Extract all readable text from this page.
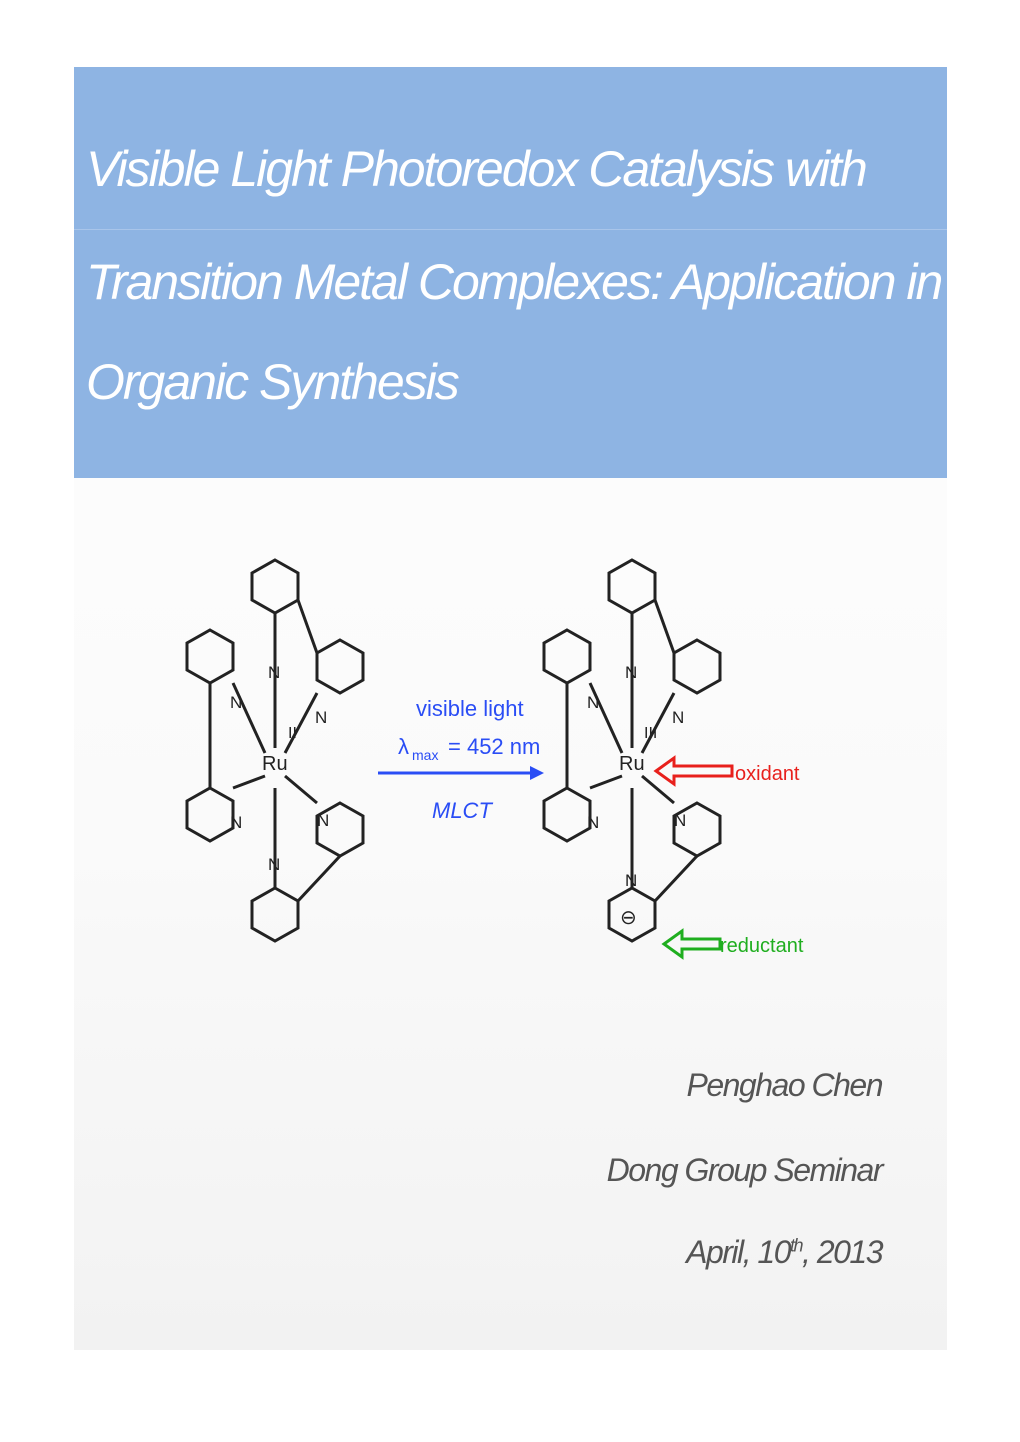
Visible Light Photoredox Catalysis with
Transition Metal Complexes: Application in
Organic Synthesis
Ru
II
N
N
N
N	N
N
visible light
λ max = 452 nm
MLCT
Ru
III
N
N
N
N	N
N
⊖
oxidant
reductant
Penghao Chen
Dong Group Seminar
April, 10th, 2013
